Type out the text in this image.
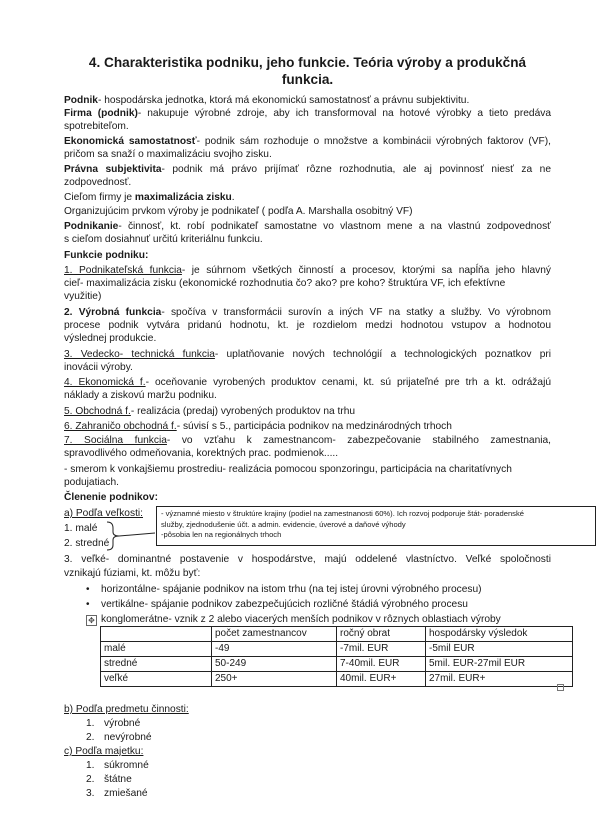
4. Charakteristika podniku, jeho funkcie. Teória výroby a produkčná
funkcia.
Podnik- hospodárska jednotka, ktorá má ekonomickú samostatnosť a právnu subjektivitu.
Firma (podnik)- nakupuje výrobné zdroje, aby ich transformoval na hotové výrobky a tieto predáva
spotrebiteľom.
Ekonomická samostatnosť- podnik sám rozhoduje o množstve a kombinácii výrobných faktorov (VF),
pričom sa snaží o maximalizáciu svojho zisku.
Právna subjektivita- podnik má právo prijímať rôzne rozhodnutia, ale aj povinnosť niesť za ne
zodpovednosť.
Cieľom firmy je maximalizácia zisku.
Organizujúcim prvkom výroby je podnikateľ ( podľa A. Marshalla osobitný VF)
Podnikanie- činnosť, kt. robí podnikateľ samostatne vo vlastnom mene a na vlastnú zodpovednosť
s cieľom dosiahnuť určitú kriteriálnu funkciu.
Funkcie podniku:
1. Podnikateľská funkcia- je súhrnom všetkých činností a procesov, ktorými sa napĺňa jeho hlavný
cieľ- maximalizácia zisku (ekonomické rozhodnutia čo? ako? pre koho? štruktúra VF, ich efektívne
využitie)
2. Výrobná funkcia- spočíva v transformácii surovín a iných VF na statky a služby. Vo výrobnom
procese podnik vytvára pridanú hodnotu, kt. je rozdielom medzi hodnotou vstupov a hodnotou
výslednej produkcie.
3. Vedecko- technická funkcia- uplatňovanie nových technológií a technologických poznatkov pri
inovácii výroby.
4. Ekonomická f.- oceňovanie vyrobených produktov cenami, kt. sú prijateľné pre trh a kt. odrážajú
náklady a ziskovú maržu podniku.
5. Obchodná f.- realizácia (predaj) vyrobených produktov na trhu
6. Zahraničo obchodná f.- súvisí s 5., participácia podnikov na medzinárodných trhoch
7. Sociálna funkcia- vo vzťahu k zamestnancom- zabezpečovanie stabilného zamestnania,
spravodlivého odmeňovania, korektných prac. podmienok.....
- smerom k vonkajšiemu prostrediu- realizácia pomocou sponzoringu, participácia na charitatívnych
podujatiach.
Členenie podnikov:
a) Podľa veľkosti:
1. malé
2. stredné
- významné miesto v štruktúre krajiny (podiel na zamestnanosti 60%). Ich rozvoj podporuje štát- poradenské
služby, zjednodušenie účt. a admin. evidencie, úverové a daňové výhody
-pôsobia len na regionálnych trhoch
3. veľké- dominantné postavenie v hospodárstve, majú oddelené vlastníctvo. Veľké spoločnosti
vznikajú fúziami, kt. môžu byť:
• horizontálne- spájanie podnikov na istom trhu (na tej istej úrovni výrobného procesu)
• vertikálne- spájanie podnikov zabezpečujúcich rozličné štádiá výrobného procesu
✥ konglomerátne- vznik z 2 alebo viacerých menších podnikov v rôznych oblastiach výroby
	počet zamestnancov	ročný obrat	hospodársky výsledok
malé	-49	-7mil. EUR	-5mil EUR
stredné	50-249	7-40mil. EUR	5mil. EUR-27mil EUR
veľké	250+	40mil. EUR+	27mil. EUR+
b) Podľa predmetu činnosti:
1. výrobné
2. nevýrobné
c) Podľa majetku:
1. súkromné
2. štátne
3. zmiešané
